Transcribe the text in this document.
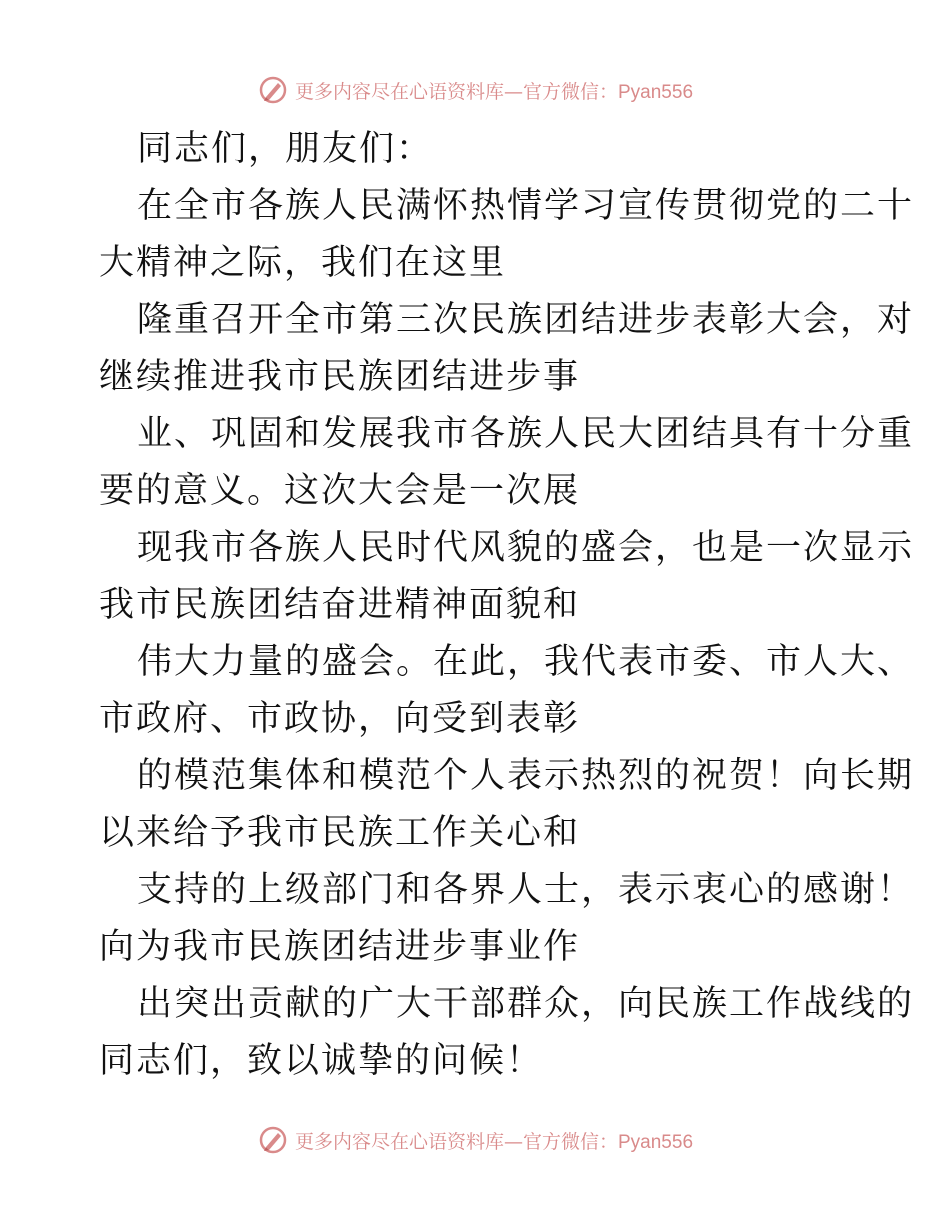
更多内容尽在心语资料库—官方微信：Pyan556
同志们，朋友们：
在全市各族人民满怀热情学习宣传贯彻党的二十
大精神之际，我们在这里
隆重召开全市第三次民族团结进步表彰大会，对
继续推进我市民族团结进步事
业、巩固和发展我市各族人民大团结具有十分重
要的意义。这次大会是一次展
现我市各族人民时代风貌的盛会，也是一次显示
我市民族团结奋进精神面貌和
伟大力量的盛会。在此，我代表市委、市人大、
市政府、市政协，向受到表彰
的模范集体和模范个人表示热烈的祝贺！向长期
以来给予我市民族工作关心和
支持的上级部门和各界人士，表示衷心的感谢！
向为我市民族团结进步事业作
出突出贡献的广大干部群众，向民族工作战线的
同志们，致以诚挚的问候！
更多内容尽在心语资料库—官方微信：Pyan556
